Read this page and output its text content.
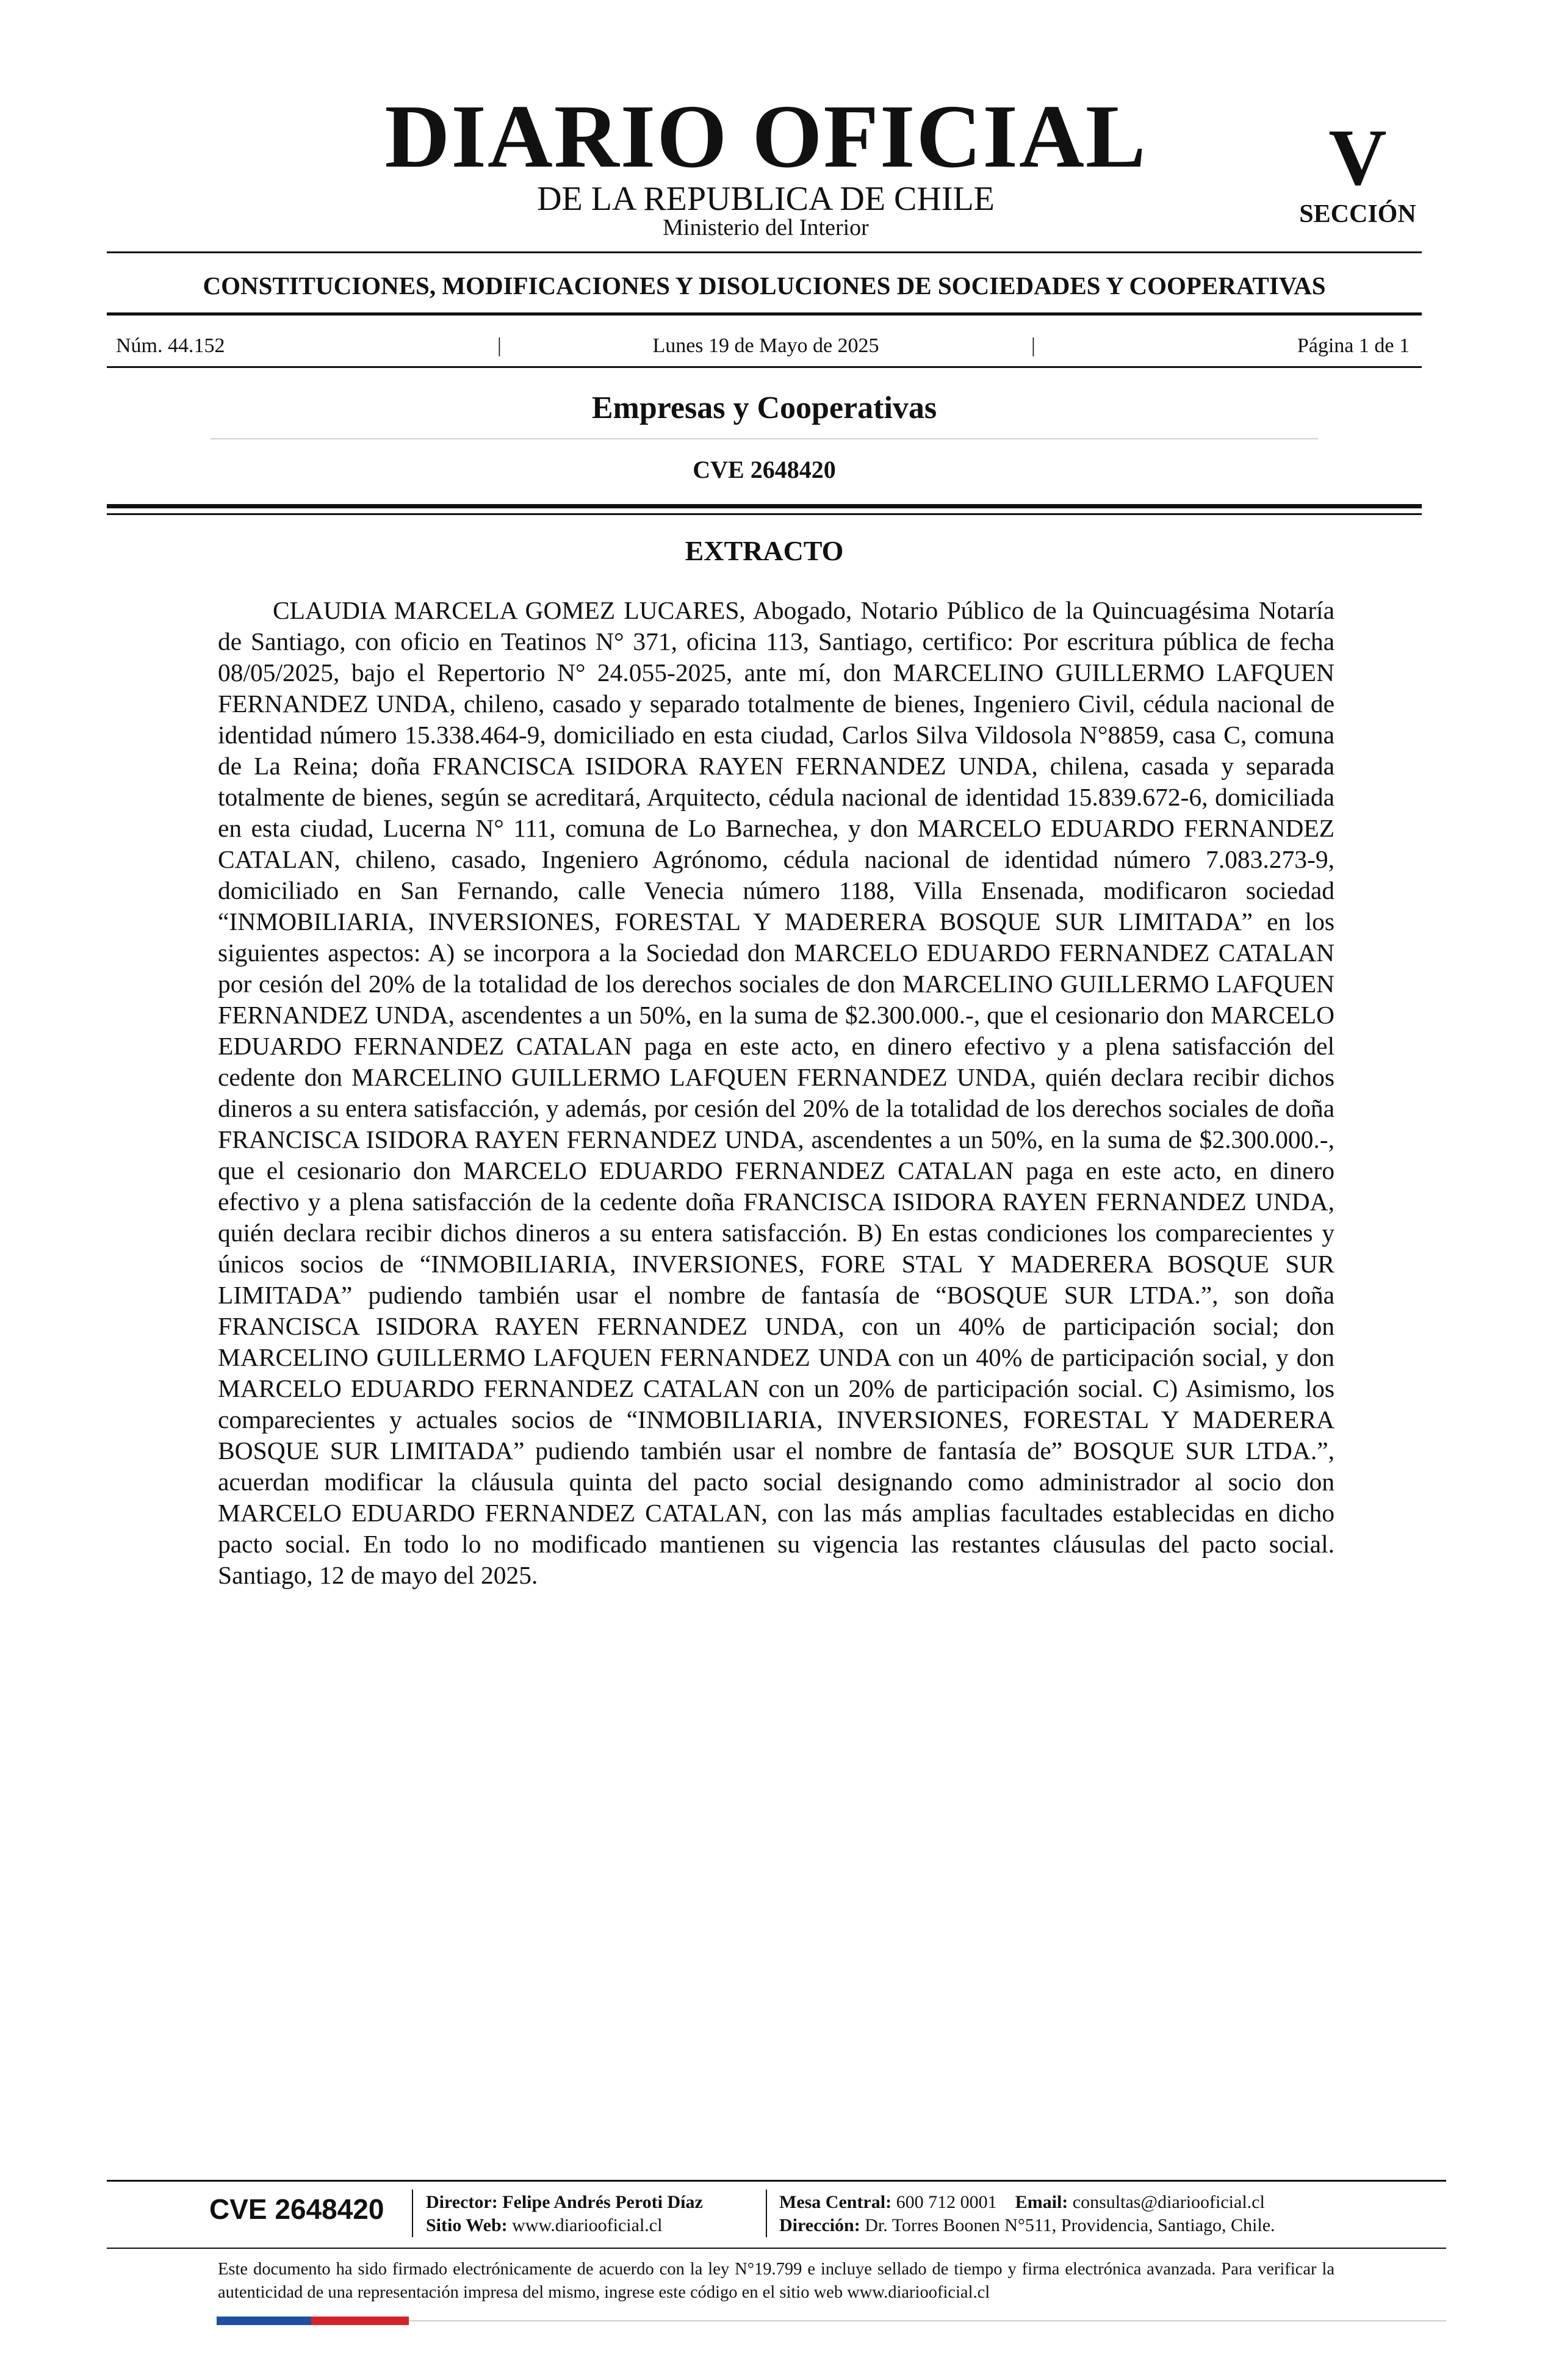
DIARIO OFICIAL
DE LA REPUBLICA DE CHILE
Ministerio del Interior
V
SECCIÓN
CONSTITUCIONES, MODIFICACIONES Y DISOLUCIONES DE SOCIEDADES Y COOPERATIVAS
Núm. 44.152	|	Lunes 19 de Mayo de 2025	|	Página 1 de 1
Empresas y Cooperativas
CVE 2648420
EXTRACTO
CLAUDIA MARCELA GOMEZ LUCARES, Abogado, Notario Público de la Quincuagésima Notaría de Santiago, con oficio en Teatinos N° 371, oficina 113, Santiago, certifico: Por escritura pública de fecha 08/05/2025, bajo el Repertorio N° 24.055-2025, ante mí, don MARCELINO GUILLERMO LAFQUEN FERNANDEZ UNDA, chileno, casado y separado totalmente de bienes, Ingeniero Civil, cédula nacional de identidad número 15.338.464-9, domiciliado en esta ciudad, Carlos Silva Vildosola N°8859, casa C, comuna de La Reina; doña FRANCISCA ISIDORA RAYEN FERNANDEZ UNDA, chilena, casada y separada totalmente de bienes, según se acreditará, Arquitecto, cédula nacional de identidad 15.839.672-6, domiciliada en esta ciudad, Lucerna N° 111, comuna de Lo Barnechea, y don MARCELO EDUARDO FERNANDEZ CATALAN, chileno, casado, Ingeniero Agrónomo, cédula nacional de identidad número 7.083.273-9, domiciliado en San Fernando, calle Venecia número 1188, Villa Ensenada, modificaron sociedad “INMOBILIARIA, INVERSIONES, FORESTAL Y MADERERA BOSQUE SUR LIMITADA” en los siguientes aspectos: A) se incorpora a la Sociedad don MARCELO EDUARDO FERNANDEZ CATALAN por cesión del 20% de la totalidad de los derechos sociales de don MARCELINO GUILLERMO LAFQUEN FERNANDEZ UNDA, ascendentes a un 50%, en la suma de $2.300.000.-, que el cesionario don MARCELO EDUARDO FERNANDEZ CATALAN paga en este acto, en dinero efectivo y a plena satisfacción del cedente don MARCELINO GUILLERMO LAFQUEN FERNANDEZ UNDA, quién declara recibir dichos dineros a su entera satisfacción, y además, por cesión del 20% de la totalidad de los derechos sociales de doña FRANCISCA ISIDORA RAYEN FERNANDEZ UNDA, ascendentes a un 50%, en la suma de $2.300.000.-, que el cesionario don MARCELO EDUARDO FERNANDEZ CATALAN paga en este acto, en dinero efectivo y a plena satisfacción de la cedente doña FRANCISCA ISIDORA RAYEN FERNANDEZ UNDA, quién declara recibir dichos dineros a su entera satisfacción. B) En estas condiciones los comparecientes y únicos socios de “INMOBILIARIA, INVERSIONES, FORE STAL Y MADERERA BOSQUE SUR LIMITADA” pudiendo también usar el nombre de fantasía de “BOSQUE SUR LTDA.”, son doña FRANCISCA ISIDORA RAYEN FERNANDEZ UNDA, con un 40% de participación social; don MARCELINO GUILLERMO LAFQUEN FERNANDEZ UNDA con un 40% de participación social, y don MARCELO EDUARDO FERNANDEZ CATALAN con un 20% de participación social. C) Asimismo, los comparecientes y actuales socios de “INMOBILIARIA, INVERSIONES, FORESTAL Y MADERERA BOSQUE SUR LIMITADA” pudiendo también usar el nombre de fantasía de” BOSQUE SUR LTDA.”, acuerdan modificar la cláusula quinta del pacto social designando como administrador al socio don MARCELO EDUARDO FERNANDEZ CATALAN, con las más amplias facultades establecidas en dicho pacto social. En todo lo no modificado mantienen su vigencia las restantes cláusulas del pacto social. Santiago, 12 de mayo del 2025.
CVE 2648420 Director: Felipe Andrés Peroti Díaz
Sitio Web: www.diariooficial.cl
Mesa Central: 600 712 0001 Email: consultas@diariooficial.cl
Dirección: Dr. Torres Boonen N°511, Providencia, Santiago, Chile.
Este documento ha sido firmado electrónicamente de acuerdo con la ley N°19.799 e incluye sellado de tiempo y firma electrónica avanzada. Para verificar la autenticidad de una representación impresa del mismo, ingrese este código en el sitio web www.diariooficial.cl
